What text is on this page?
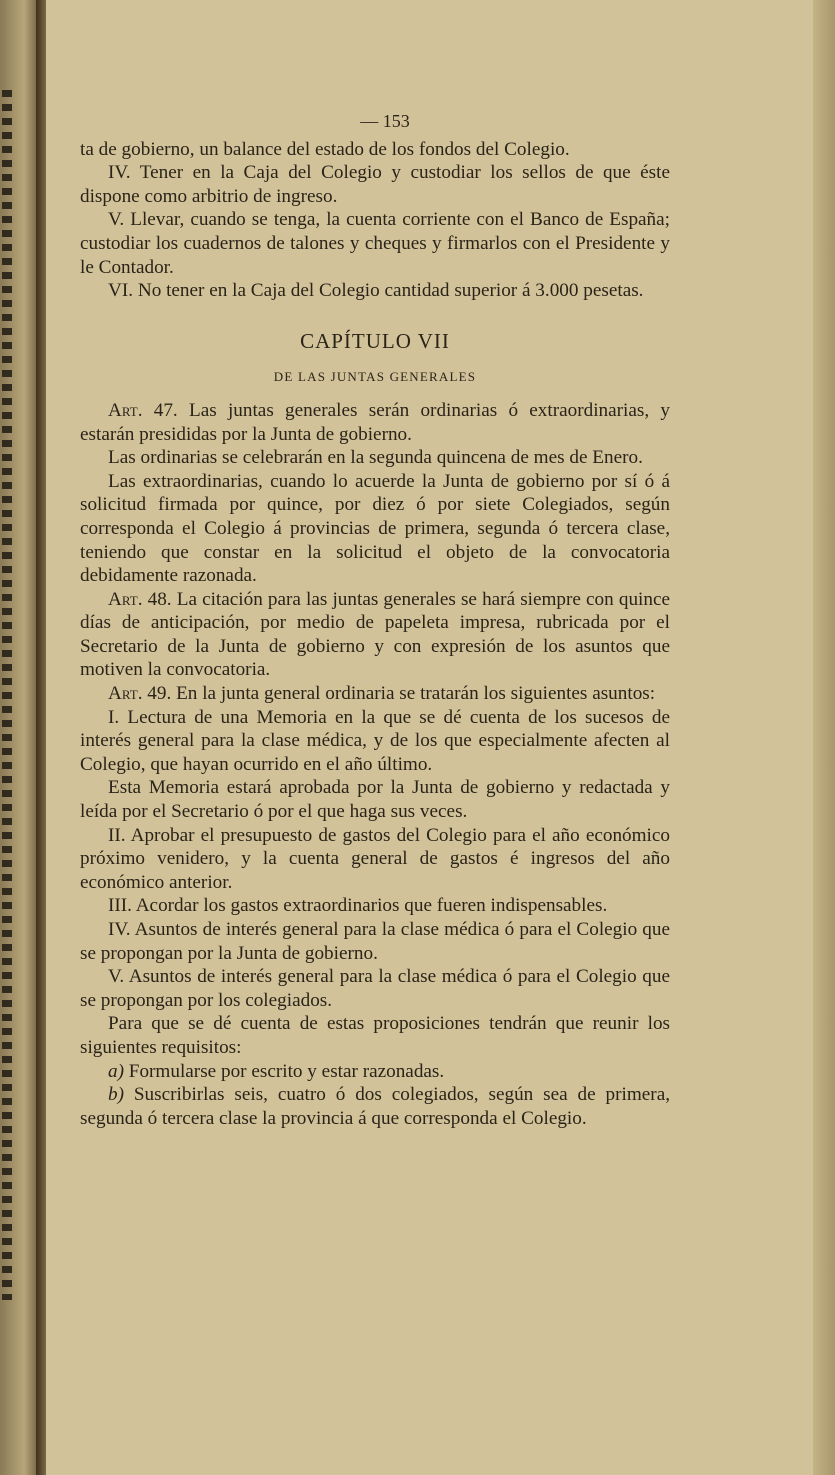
— 153

ta de gobierno, un balance del estado de los fondos del Colegio.

IV. Tener en la Caja del Colegio y custodiar los sellos de que éste dispone como arbitrio de ingreso.

V. Llevar, cuando se tenga, la cuenta corriente con el Banco de España; custodiar los cuadernos de talones y cheques y firmarlos con el Presidente y le Contador.

VI. No tener en la Caja del Colegio cantidad superior á 3.000 pesetas.

CAPÍTULO VII
DE LAS JUNTAS GENERALES

Art. 47. Las juntas generales serán ordinarias ó extraordinarias, y estarán presididas por la Junta de gobierno.

Las ordinarias se celebrarán en la segunda quincena de mes de Enero.

Las extraordinarias, cuando lo acuerde la Junta de gobierno por sí ó á solicitud firmada por quince, por diez ó por siete Colegiados, según corresponda el Colegio á provincias de primera, segunda ó tercera clase, teniendo que constar en la solicitud el objeto de la convocatoria debidamente razonada.

Art. 48. La citación para las juntas generales se hará siempre con quince días de anticipación, por medio de papeleta impresa, rubricada por el Secretario de la Junta de gobierno y con expresión de los asuntos que motiven la convocatoria.

Art. 49. En la junta general ordinaria se tratarán los siguientes asuntos:

I. Lectura de una Memoria en la que se dé cuenta de los sucesos de interés general para la clase médica, y de los que especialmente afecten al Colegio, que hayan ocurrido en el año último.

Esta Memoria estará aprobada por la Junta de gobierno y redactada y leída por el Secretario ó por el que haga sus veces.

II. Aprobar el presupuesto de gastos del Colegio para el año económico próximo venidero, y la cuenta general de gastos é ingresos del año económico anterior.

III. Acordar los gastos extraordinarios que fueren indispensables.

IV. Asuntos de interés general para la clase médica ó para el Colegio que se propongan por la Junta de gobierno.

V. Asuntos de interés general para la clase médica ó para el Colegio que se propongan por los colegiados.

Para que se dé cuenta de estas proposiciones tendrán que reunir los siguientes requisitos:

a) Formularse por escrito y estar razonadas.

b) Suscribirlas seis, cuatro ó dos colegiados, según sea de primera, segunda ó tercera clase la provincia á que corresponda el Colegio.
